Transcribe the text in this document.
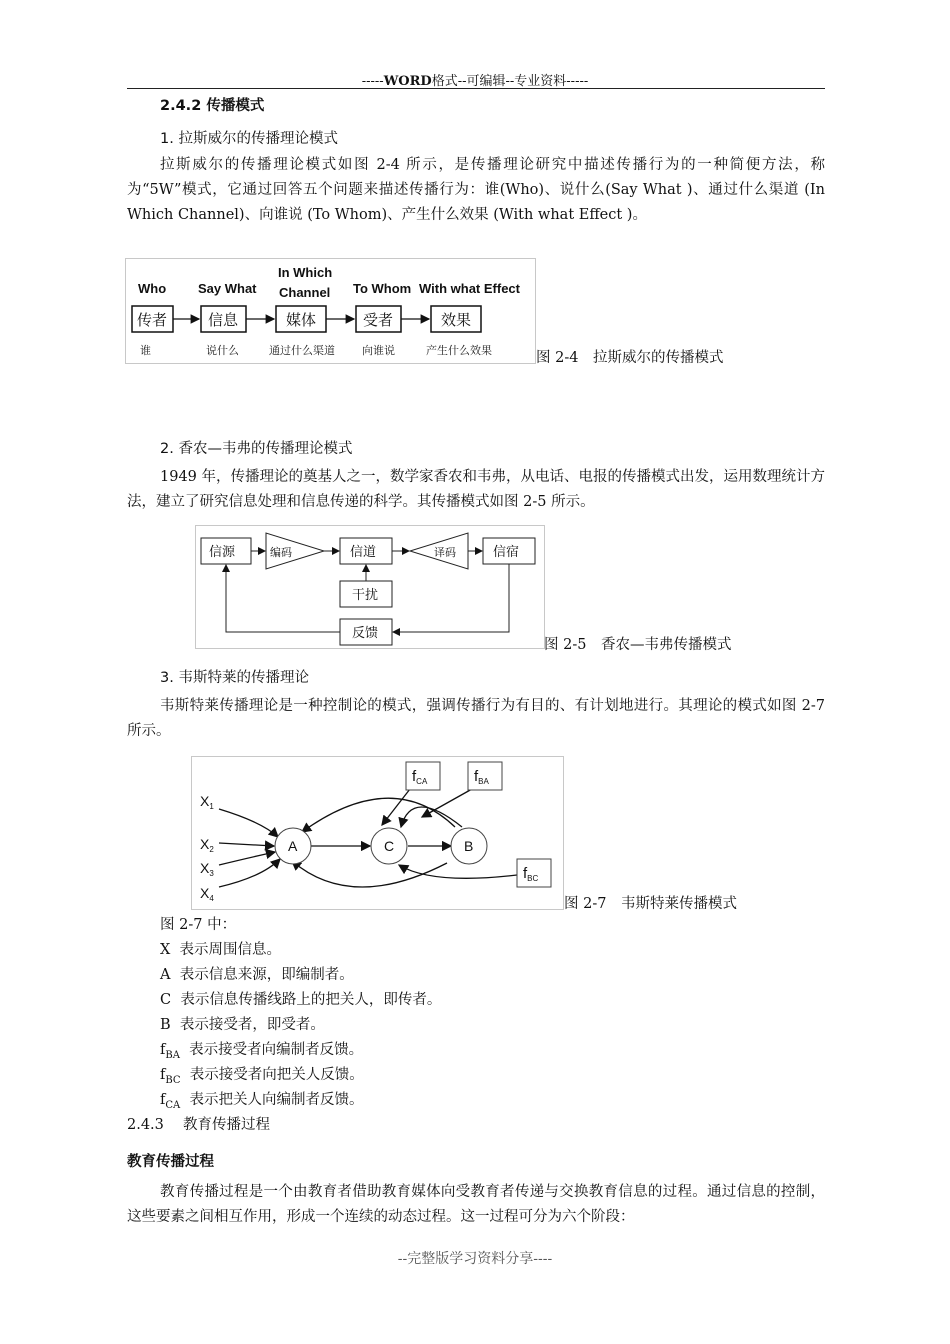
-----WORD格式--可编辑--专业资料-----
2.4.2 传播模式
1. 拉斯威尔的传播理论模式
拉斯威尔的传播理论模式如图 2-4 所示，是传播理论研究中描述传播行为的一种简便方法，称为“5W”模式，它通过回答五个问题来描述传播行为：谁(Who)、说什么(Say What )、通过什么渠道 (In Which Channel)、向谁说 (To Whom)、产生什么效果 (With what Effect )。
Who Say What
In Which
Channel To Whom With what Effect
传者	信息	媒体	受者	效果
谁	说什么	通过什么渠道 向谁说	产生什么效果	图 2-4　拉斯威尔的传播模式
2. 香农—韦弗的传播理论模式
1949 年，传播理论的奠基人之一，数学家香农和韦弗，从电话、电报的传播模式出发，运用数理统计方法，建立了研究信息处理和信息传递的科学。其传播模式如图 2-5 所示。
信源	编码	信道	译码	信宿
干扰
反馈
图 2-5　香农—韦弗传播模式
3. 韦斯特莱的传播理论
韦斯特莱传播理论是一种控制论的模式，强调传播行为有目的、有计划地进行。其理论的模式如图 2-7 所示。
A	C	B
$X_1$
$X_2$
$X_3$
$X_4$
$f_{CA}$	$f_{BA}$
$f_{BC}$
图 2-7　韦斯特莱传播模式
图 2-7 中：
X 表示周围信息。
A 表示信息来源，即编制者。
C 表示信息传播线路上的把关人，即传者。
B 表示接受者，即受者。
$f_{BA}$ 表示接受者向编制者反馈。
$f_{BC}$ 表示接受者向把关人反馈。
$f_{CA}$ 表示把关人向编制者反馈。
2.4.3　 教育传播过程
教育传播过程
教育传播过程是一个由教育者借助教育媒体向受教育者传递与交换教育信息的过程。通过信息的控制，这些要素之间相互作用，形成一个连续的动态过程。这一过程可分为六个阶段：
--完整版学习资料分享----
